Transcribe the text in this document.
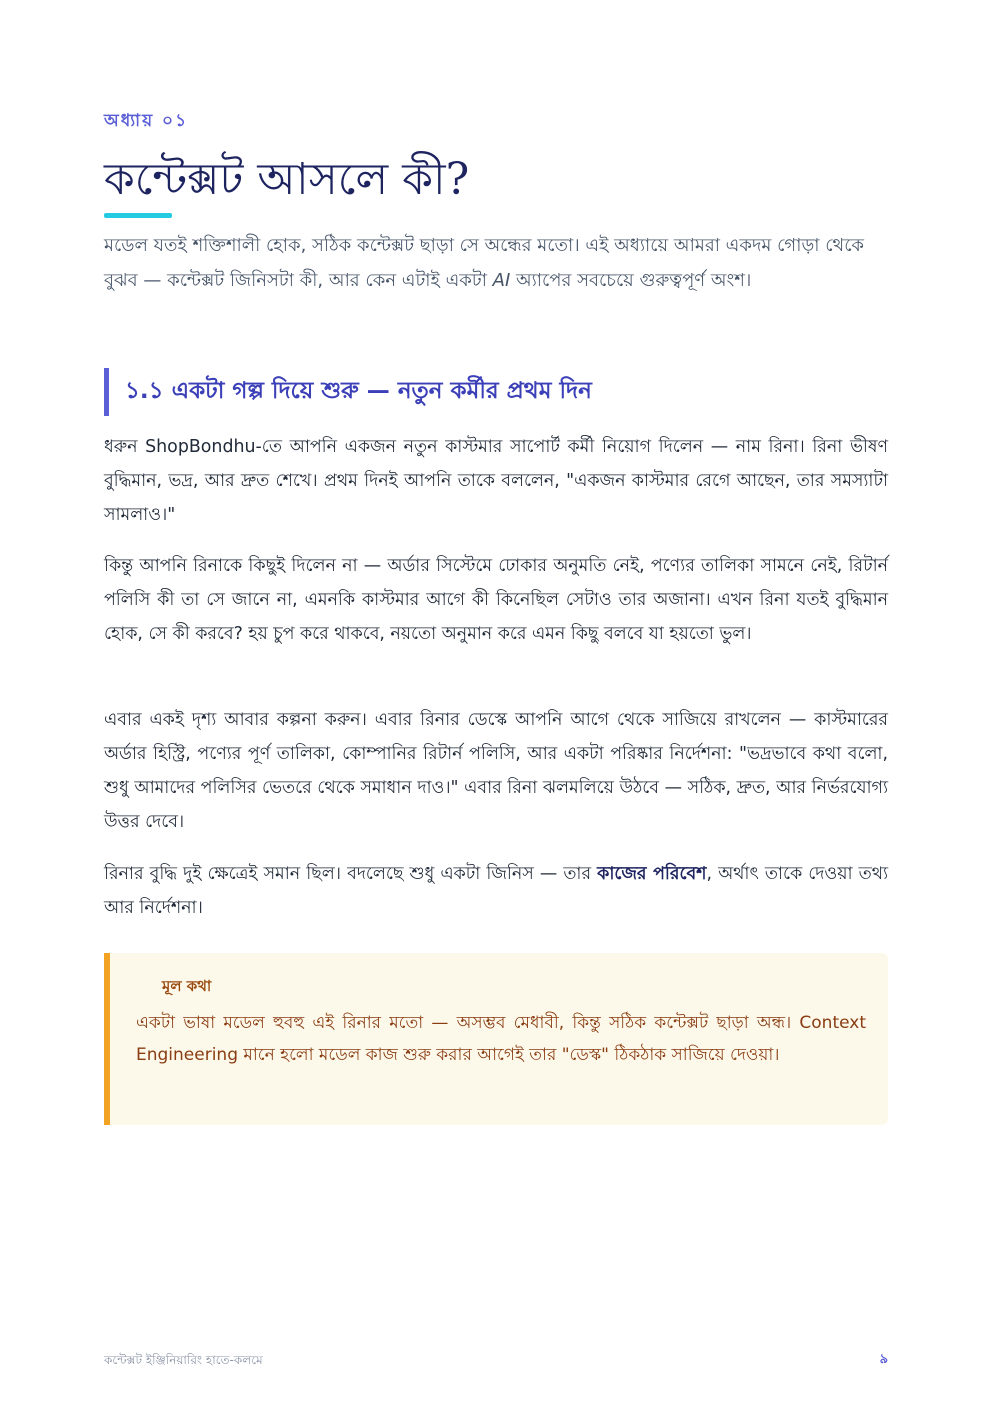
অধ্যায় ০১
কন্টেক্সট আসলে কী?

মডেল যতই শক্তিশালী হোক, সঠিক কন্টেক্সট ছাড়া সে অন্ধের মতো। এই অধ্যায়ে আমরা একদম গোড়া থেকে বুঝব — কন্টেক্সট জিনিসটা কী, আর কেন এটাই একটা AI অ্যাপের সবচেয়ে গুরুত্বপূর্ণ অংশ।

১.১ একটা গল্প দিয়ে শুরু — নতুন কর্মীর প্রথম দিন

ধরুন ShopBondhu-তে আপনি একজন নতুন কাস্টমার সাপোর্ট কর্মী নিয়োগ দিলেন — নাম রিনা। রিনা ভীষণ বুদ্ধিমান, ভদ্র, আর দ্রুত শেখে। প্রথম দিনই আপনি তাকে বললেন, "একজন কাস্টমার রেগে আছেন, তার সমস্যাটা সামলাও।"

কিন্তু আপনি রিনাকে কিছুই দিলেন না — অর্ডার সিস্টেমে ঢোকার অনুমতি নেই, পণ্যের তালিকা সামনে নেই, রিটার্ন পলিসি কী তা সে জানে না, এমনকি কাস্টমার আগে কী কিনেছিল সেটাও তার অজানা। এখন রিনা যতই বুদ্ধিমান হোক, সে কী করবে? হয় চুপ করে থাকবে, নয়তো অনুমান করে এমন কিছু বলবে যা হয়তো ভুল।

এবার একই দৃশ্য আবার কল্পনা করুন। এবার রিনার ডেস্কে আপনি আগে থেকে সাজিয়ে রাখলেন — কাস্টমারের অর্ডার হিস্ট্রি, পণ্যের পূর্ণ তালিকা, কোম্পানির রিটার্ন পলিসি, আর একটা পরিষ্কার নির্দেশনা: "ভদ্রভাবে কথা বলো, শুধু আমাদের পলিসির ভেতরে থেকে সমাধান দাও।" এবার রিনা ঝলমলিয়ে উঠবে — সঠিক, দ্রুত, আর নির্ভরযোগ্য উত্তর দেবে।

রিনার বুদ্ধি দুই ক্ষেত্রেই সমান ছিল। বদলেছে শুধু একটা জিনিস — তার কাজের পরিবেশ, অর্থাৎ তাকে দেওয়া তথ্য আর নির্দেশনা।

মূল কথা

একটা ভাষা মডেল হুবহু এই রিনার মতো — অসম্ভব মেধাবী, কিন্তু সঠিক কন্টেক্সট ছাড়া অন্ধ। Context Engineering মানে হলো মডেল কাজ শুরু করার আগেই তার "ডেস্ক" ঠিকঠাক সাজিয়ে দেওয়া।

কন্টেক্সট ইঞ্জিনিয়ারিং হাতে-কলমে	৯
